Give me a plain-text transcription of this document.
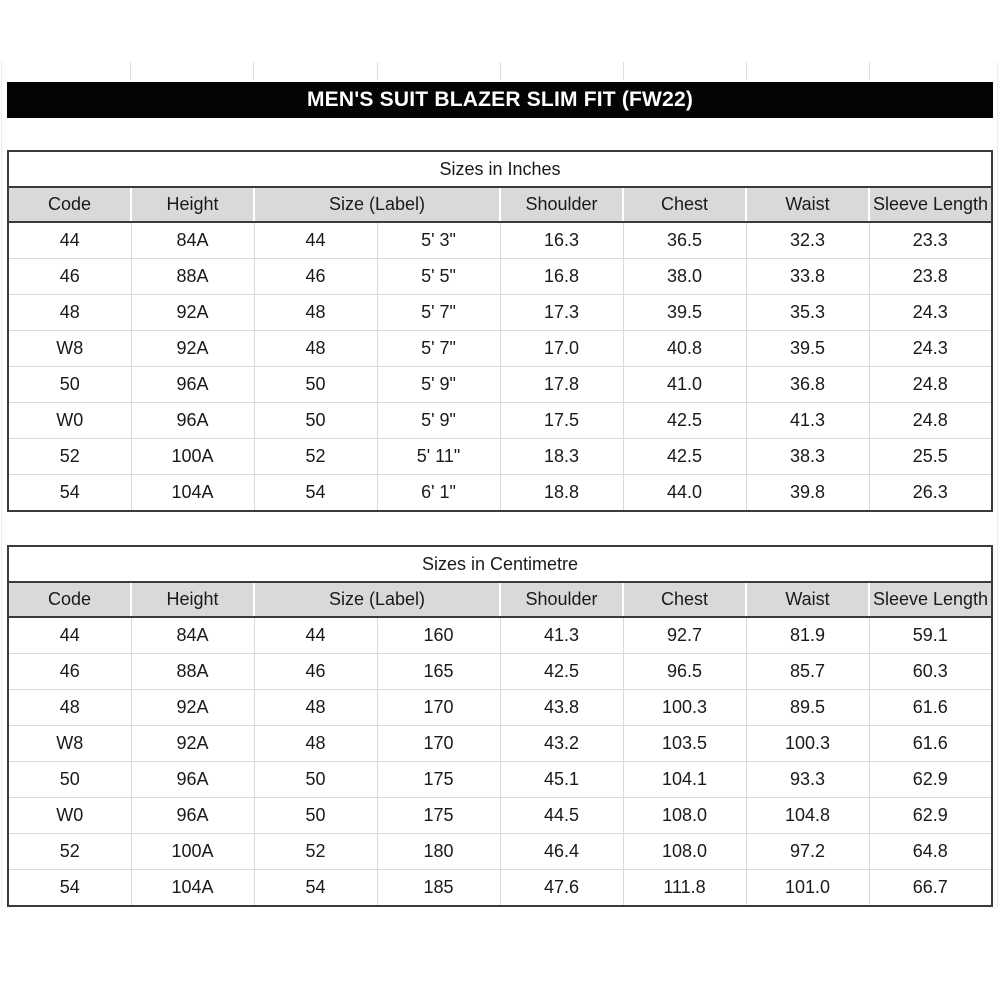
MEN'S SUIT BLAZER SLIM FIT (FW22)
Sizes in Inches							
Code	Height	Size (Label)		Shoulder	Chest	Waist	Sleeve Length
44	84A	44	5' 3"	16.3	36.5	32.3	23.3
46	88A	46	5' 5"	16.8	38.0	33.8	23.8
48	92A	48	5' 7"	17.3	39.5	35.3	24.3
W8	92A	48	5' 7"	17.0	40.8	39.5	24.3
50	96A	50	5' 9"	17.8	41.0	36.8	24.8
W0	96A	50	5' 9"	17.5	42.5	41.3	24.8
52	100A	52	5' 11"	18.3	42.5	38.3	25.5
54	104A	54	6' 1"	18.8	44.0	39.8	26.3
Sizes in Centimetre							
Code	Height	Size (Label)		Shoulder	Chest	Waist	Sleeve Length
44	84A	44	160	41.3	92.7	81.9	59.1
46	88A	46	165	42.5	96.5	85.7	60.3
48	92A	48	170	43.8	100.3	89.5	61.6
W8	92A	48	170	43.2	103.5	100.3	61.6
50	96A	50	175	45.1	104.1	93.3	62.9
W0	96A	50	175	44.5	108.0	104.8	62.9
52	100A	52	180	46.4	108.0	97.2	64.8
54	104A	54	185	47.6	111.8	101.0	66.7
